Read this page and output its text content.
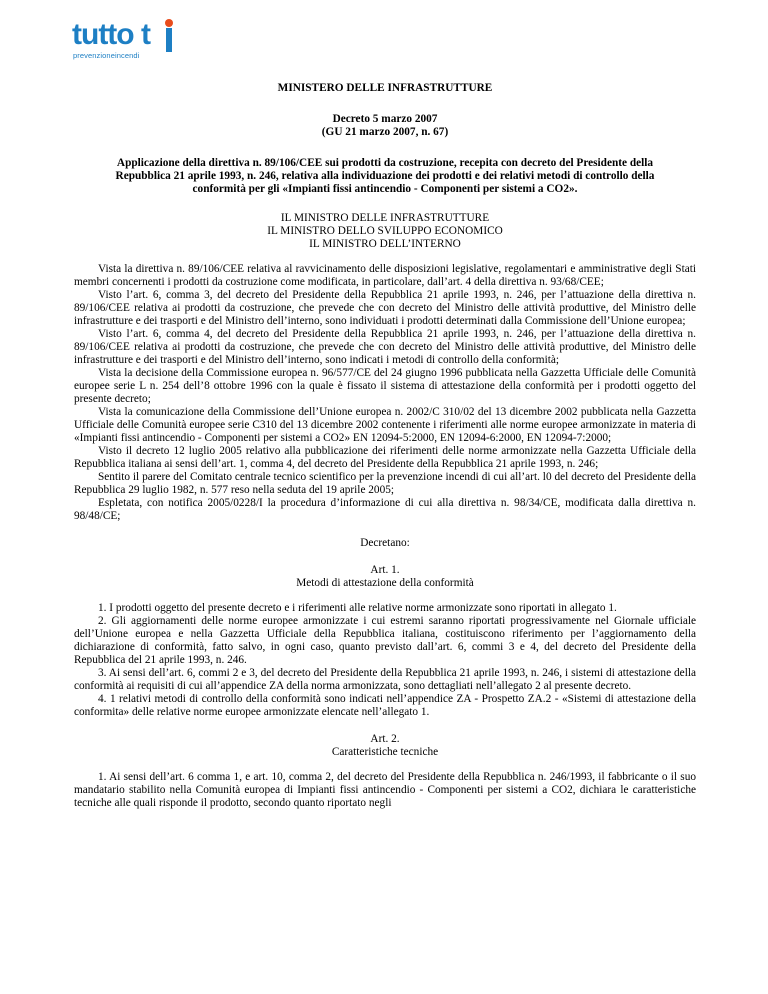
tutto t
prevenzioneincendi
MINISTERO DELLE INFRASTRUTTURE
Decreto 5 marzo 2007
(GU 21 marzo 2007, n. 67)
Applicazione della direttiva n. 89/106/CEE sui prodotti da costruzione, recepita con decreto del Presidente della Repubblica 21 aprile 1993, n. 246, relativa alla individuazione dei prodotti e dei relativi metodi di controllo della conformità per gli «Impianti fissi antincendio - Componenti per sistemi a CO2».
IL MINISTRO DELLE INFRASTRUTTURE
IL MINISTRO DELLO SVILUPPO ECONOMICO
IL MINISTRO DELL’INTERNO

Vista la direttiva n. 89/106/CEE relativa al ravvicinamento delle disposizioni legislative, regolamentari e amministrative degli Stati membri concernenti i prodotti da costruzione come modificata, in particolare, dall’art. 4 della direttiva n. 93/68/CEE;

Visto l’art. 6, comma 3, del decreto del Presidente della Repubblica 21 aprile 1993, n. 246, per l’attuazione della direttiva n. 89/106/CEE relativa ai prodotti da costruzione, che prevede che con decreto del Ministro delle attività produttive, del Ministro delle infrastrutture e dei trasporti e del Ministro dell’interno, sono individuati i prodotti determinati dalla Commissione dell’Unione europea;

Visto l’art. 6, comma 4, del decreto del Presidente della Repubblica 21 aprile 1993, n. 246, per l’attuazione della direttiva n. 89/106/CEE relativa ai prodotti da costruzione, che prevede che con decreto del Ministro delle attività produttive, del Ministro delle infrastrutture e dei trasporti e del Ministro dell’interno, sono indicati i metodi di controllo della conformità;

Vista la decisione della Commissione europea n. 96/577/CE del 24 giugno 1996 pubblicata nella Gazzetta Ufficiale delle Comunità europee serie L n. 254 dell’8 ottobre 1996 con la quale è fissato il sistema di attestazione della conformità per i prodotti oggetto del presente decreto;

Vista la comunicazione della Commissione dell’Unione europea n. 2002/C 310/02 del 13 dicembre 2002 pubblicata nella Gazzetta Ufficiale delle Comunità europee serie C310 del 13 dicembre 2002 contenente i riferimenti alle norme europee armonizzate in materia di «Impianti fissi antincendio - Componenti per sistemi a CO2» EN 12094-5:2000, EN 12094-6:2000, EN 12094-7:2000;

Visto il decreto 12 luglio 2005 relativo alla pubblicazione dei riferimenti delle norme armonizzate nella Gazzetta Ufficiale della Repubblica italiana ai sensi dell’art. 1, comma 4, del decreto del Presidente della Repubblica 21 aprile 1993, n. 246;

Sentito il parere del Comitato centrale tecnico scientifico per la prevenzione incendi di cui all’art. l0 del decreto del Presidente della Repubblica 29 luglio 1982, n. 577 reso nella seduta del 19 aprile 2005;

Espletata, con notifica 2005/0228/I la procedura d’informazione di cui alla direttiva n. 98/34/CE, modificata dalla direttiva n. 98/48/CE;

Decretano:
Art. 1.
Metodi di attestazione della conformità

1. I prodotti oggetto del presente decreto e i riferimenti alle relative norme armonizzate sono riportati in allegato 1.

2. Gli aggiornamenti delle norme europee armonizzate i cui estremi saranno riportati progressivamente nel Giornale ufficiale dell’Unione europea e nella Gazzetta Ufficiale della Repubblica italiana, costituiscono riferimento per l’aggiornamento della dichiarazione di conformità, fatto salvo, in ogni caso, quanto previsto dall’art. 6, commi 3 e 4, del decreto del Presidente della Repubblica del 21 aprile 1993, n. 246.

3. Ai sensi dell’art. 6, commi 2 e 3, del decreto del Presidente della Repubblica 21 aprile 1993, n. 246, i sistemi di attestazione della conformità ai requisiti di cui all’appendice ZA della norma armonizzata, sono dettagliati nell’allegato 2 al presente decreto.

4. 1 relativi metodi di controllo della conformità sono indicati nell’appendice ZA - Prospetto ZA.2 - «Sistemi di attestazione della conformita» delle relative norme europee armonizzate elencate nell’allegato 1.

Art. 2.
Caratteristiche tecniche

1. Ai sensi dell’art. 6 comma 1, e art. 10, comma 2, del decreto del Presidente della Repubblica n. 246/1993, il fabbricante o il suo mandatario stabilito nella Comunità europea di Impianti fissi antincendio - Componenti per sistemi a CO2, dichiara le caratteristiche tecniche alle quali risponde il prodotto, secondo quanto riportato negli
